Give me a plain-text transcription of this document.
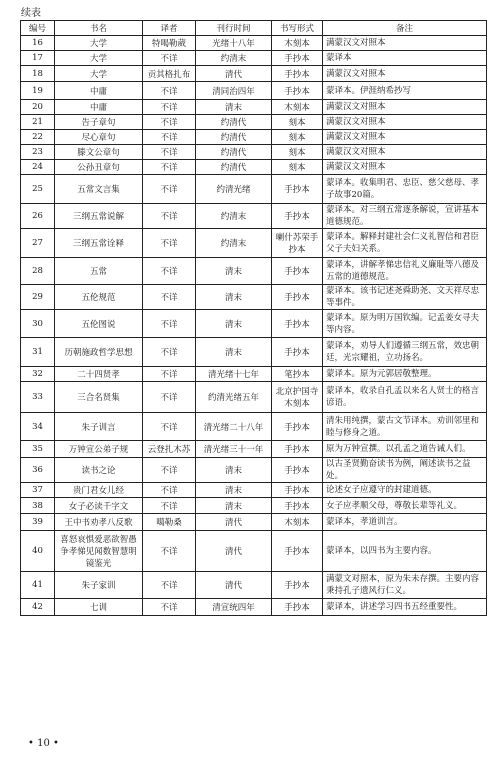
续表
编号	书名	译者	刊行时间	书写形式	备注
16	大学	特喝勒葳	光绪十八年	木刻本	满蒙汉文对照本
17	大学	不详	约清末	手抄本	蒙译本
18	大学	贡其格扎布	清代	手抄本	满蒙汉文对照本
19	中庸	不详	清同治四年	手抄本	蒙译本。伊涯纳希抄写
20	中庸	不详	清末	木刻本	满蒙汉文对照本
21	告子章句	不详	约清代	刻本	满蒙汉文对照本
22	尽心章句	不详	约清代	刻本	满蒙汉文对照本
23	滕文公章句	不详	约清代	刻本	满蒙汉文对照本
24	公孙丑章句	不详	约清代	刻本	满蒙汉文对照本
25	五常文言集	不详	约清光绪	手抄本	蒙译本。收集明君、忠臣、慈父慈母、孝子故事20篇。
26	三纲五常说解	不详	约清末	手抄本	蒙译本。对三纲五常逐条解说，宣讲基本道德规范。
27	三纲五常诠释	不详	约清末	喇什苏荣手抄本	蒙译本。解释封建社会仁义礼智信和君臣父子夫妇关系。
28	五常	不详	清末	手抄本	蒙译本，讲解孝悌忠信礼义廉耻等八德及五常的道德规范。
29	五伦规范	不详	清末	手抄本	蒙译本。该书记述尧舜助尧、文天祥尽忠等事件。
30	五伦图说	不详	清末	手抄本	蒙译本。原为明万国钦编。记孟姜女寻夫等内容。
31	历朝施政哲学思想	不详	清末	手抄本	蒙译本，劝导人们遵循三纲五常，效忠朝廷，光宗耀祖，立功扬名。
32	二十四贤孝	不详	清光绪十七年	笔抄本	蒙译本。原为元郭居敬整理。
33	三合名贤集	不详	约清光绪五年	北京护国寺木刻本	蒙译本，收录自孔孟以来名人贤士的格言谚语。
34	朱子训言	不详	清光绪二十八年	手抄本	清朱用纯撰，蒙古文节译本。劝训邻里和睦与修身之道。
35	万钟宣公弟子规	云登扎木苏	清光绪三十一年	手抄本	原为万钟宣撰。以孔孟之道告诫人们。
36	读书之论	不详	清末	手抄本	以古圣贤勤奋读书为例，阐述读书之益处。
37	贵门君女儿经	不详	清末	手抄本	论述女子应遵守的封建道德。
38	女子必读千字文	不详	清末	手抄本	女子应孝顺父母，尊敬长辈等礼义。
39	王中书劝孝八反歌	噶勒桑	清代	木刻本	蒙译本，孝道训言。
40	喜怒哀惧爱恶欲智愚争孝悌见闻数智慧明镜鉴光	不详	清代	手抄本	蒙译本，以四书为主要内容。
41	朱子家训	不详	清代	手抄本	满蒙文对照本，原为朱未存撰。主要内容秉持孔子遗风行仁义。
42	七训	不详	清宣统四年	手抄本	蒙译本，讲述学习四书五经重要性。
• 10 •
